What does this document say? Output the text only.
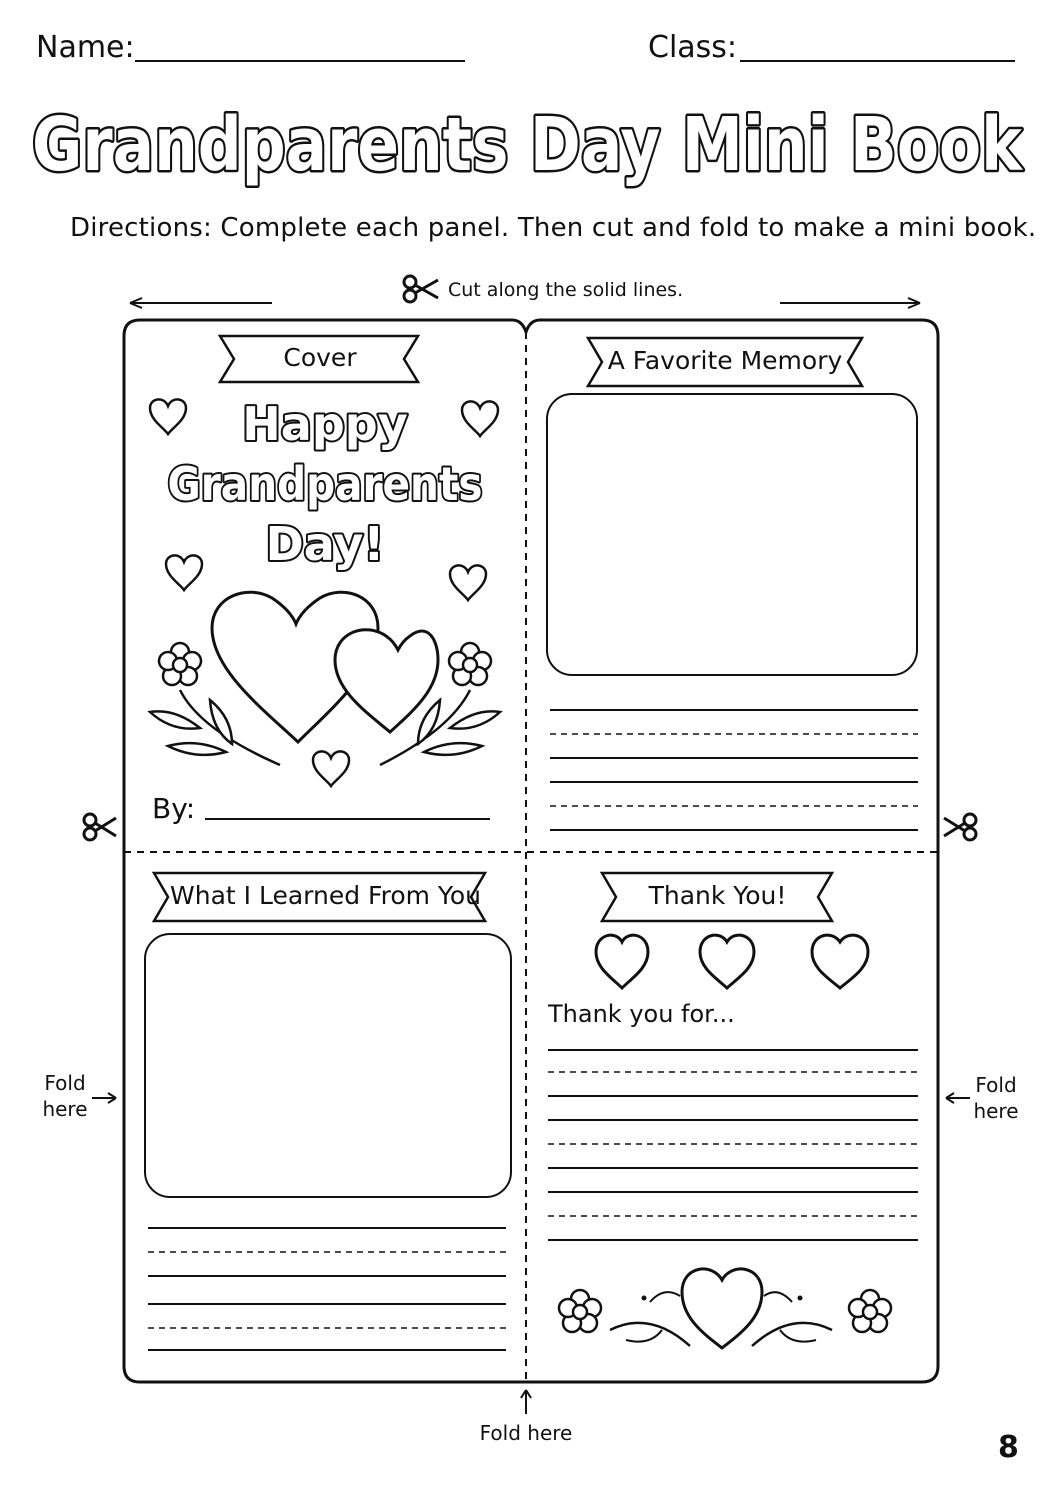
Name:	Class:
Grandparents Day Mini Book
Directions: Complete each panel. Then cut and fold to make a mini book.
Cut along the solid lines.
Fold
here
Fold
here
Fold here
Cover	A Favorite Memory
What I Learned From You	Thank You!
Happy
Grandparents
Day!
By:
Thank you for...
8
